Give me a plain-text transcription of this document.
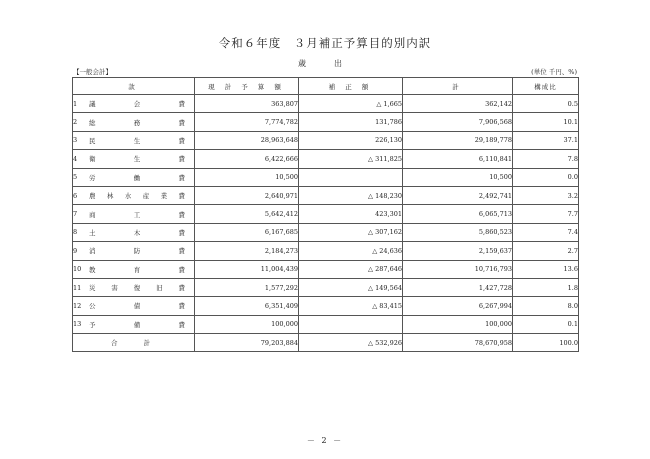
令和６年度　３月補正予算目的別内訳
歳　出
【一般会計】	(単位 千円、%)
款	現 計 予 算 額	補 正 額	計	構成比
1 議会費	363,807	△ 1,665	362,142	0.5
2 総務費	7,774,782	131,786	7,906,568	10.1
3 民生費	28,963,648	226,130	29,189,778	37.1
4 衛生費	6,422,666	△ 311,825	6,110,841	7.8
5 労働費	10,500		10,500	0.0
6 農林水産業費	2,640,971	△ 148,230	2,492,741	3.2
7 商工費	5,642,412	423,301	6,065,713	7.7
8 土木費	6,167,685	△ 307,162	5,860,523	7.4
9 消防費	2,184,273	△ 24,636	2,159,637	2.7
10 教育費	11,004,439	△ 287,646	10,716,793	13.6
11 災害復旧費	1,577,292	△ 149,564	1,427,728	1.8
12 公債費	6,351,409	△ 83,415	6,267,994	8.0
13 予備費	100,000		100,000	0.1
合計	79,203,884	△ 532,926	78,670,958	100.0
－ 2 －
